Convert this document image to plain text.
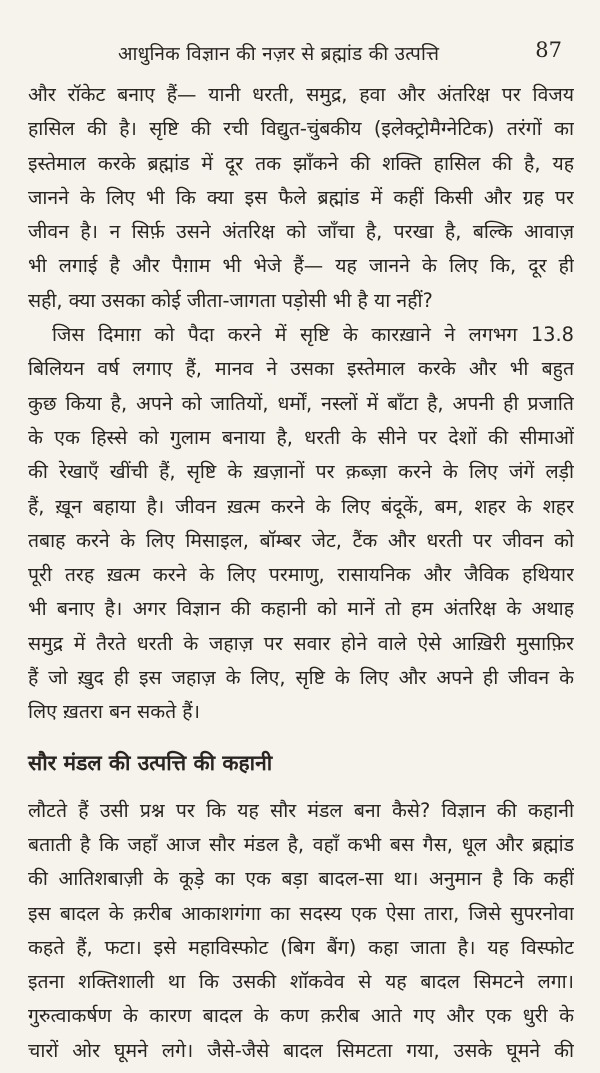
आधुनिक विज्ञान की नज़र से ब्रह्मांड की उत्पत्ति	87
और रॉकेट बनाए हैं— यानी धरती, समुद्र, हवा और अंतरिक्ष पर विजय
हासिल की है। सृष्टि की रची विद्युत-चुंबकीय (इलेक्ट्रोमैग्नेटिक) तरंगों का
इस्तेमाल करके ब्रह्मांड में दूर तक झाँकने की शक्ति हासिल की है, यह
जानने के लिए भी कि क्या इस फैले ब्रह्मांड में कहीं किसी और ग्रह पर
जीवन है। न सिर्फ़ उसने अंतरिक्ष को जाँचा है, परखा है, बल्कि आवाज़
भी लगाई है और पैग़ाम भी भेजे हैं— यह जानने के लिए कि, दूर ही
सही, क्या उसका कोई जीता-जागता पड़ोसी भी है या नहीं?
जिस दिमाग़ को पैदा करने में सृष्टि के कारख़ाने ने लगभग 13.8
बिलियन वर्ष लगाए हैं, मानव ने उसका इस्तेमाल करके और भी बहुत
कुछ किया है, अपने को जातियों, धर्मों, नस्लों में बाँटा है, अपनी ही प्रजाति
के एक हिस्से को गुलाम बनाया है, धरती के सीने पर देशों की सीमाओं
की रेखाएँ खींची हैं, सृष्टि के ख़ज़ानों पर क़ब्ज़ा करने के लिए जंगें लड़ी
हैं, ख़ून बहाया है। जीवन ख़त्म करने के लिए बंदूकें, बम, शहर के शहर
तबाह करने के लिए मिसाइल, बॉम्बर जेट, टैंक और धरती पर जीवन को
पूरी तरह ख़त्म करने के लिए परमाणु, रासायनिक और जैविक हथियार
भी बनाए है। अगर विज्ञान की कहानी को मानें तो हम अंतरिक्ष के अथाह
समुद्र में तैरते धरती के जहाज़ पर सवार होने वाले ऐसे आख़िरी मुसाफ़िर
हैं जो ख़ुद ही इस जहाज़ के लिए, सृष्टि के लिए और अपने ही जीवन के
लिए ख़तरा बन सकते हैं।
सौर मंडल की उत्पत्ति की कहानी
लौटते हैं उसी प्रश्न पर कि यह सौर मंडल बना कैसे? विज्ञान की कहानी
बताती है कि जहाँ आज सौर मंडल है, वहाँ कभी बस गैस, धूल और ब्रह्मांड
की आतिशबाज़ी के कूड़े का एक बड़ा बादल-सा था। अनुमान है कि कहीं
इस बादल के क़रीब आकाशगंगा का सदस्य एक ऐसा तारा, जिसे सुपरनोवा
कहते हैं, फटा। इसे महाविस्फोट (बिग बैंग) कहा जाता है। यह विस्फोट
इतना शक्तिशाली था कि उसकी शॉकवेव से यह बादल सिमटने लगा।
गुरुत्वाकर्षण के कारण बादल के कण क़रीब आते गए और एक धुरी के
चारों ओर घूमने लगे। जैसे-जैसे बादल सिमटता गया, उसके घूमने की
